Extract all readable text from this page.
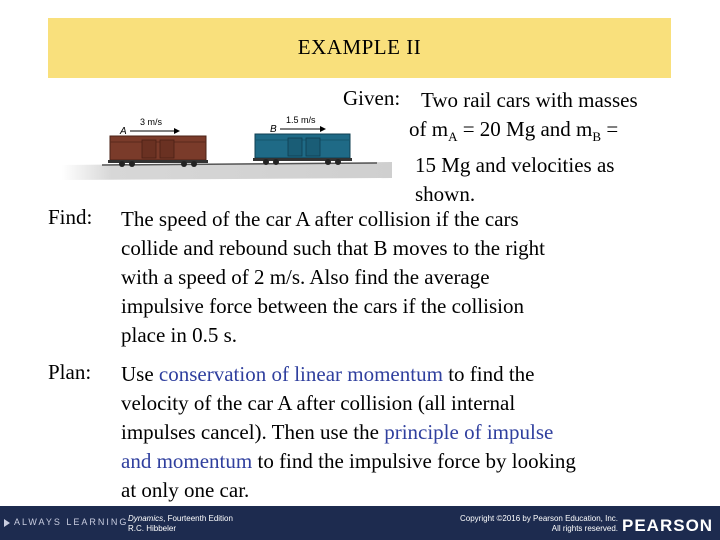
EXAMPLE II
A
3 m/s
B
1.5 m/s
Given: Two rail cars with masses
of $m_A = 20$ Mg and $m_B$ =
15 Mg and velocities as
shown.
Find: The speed of the car A after collision if the cars
collide and rebound such that B moves to the right
with a speed of 2 m/s. Also find the average
impulsive force between the cars if the collision
place in 0.5 s.
Plan: Use conservation of linear momentum to find the
velocity of the car A after collision (all internal
impulses cancel). Then use the principle of impulse
and momentum to find the impulsive force by looking
at only one car.
ALWAYS LEARNING Dynamics, Fourteenth Edition
R.C. Hibbeler
Copyright ©2016 by Pearson Education, Inc.
All rights reserved. PEARSON
